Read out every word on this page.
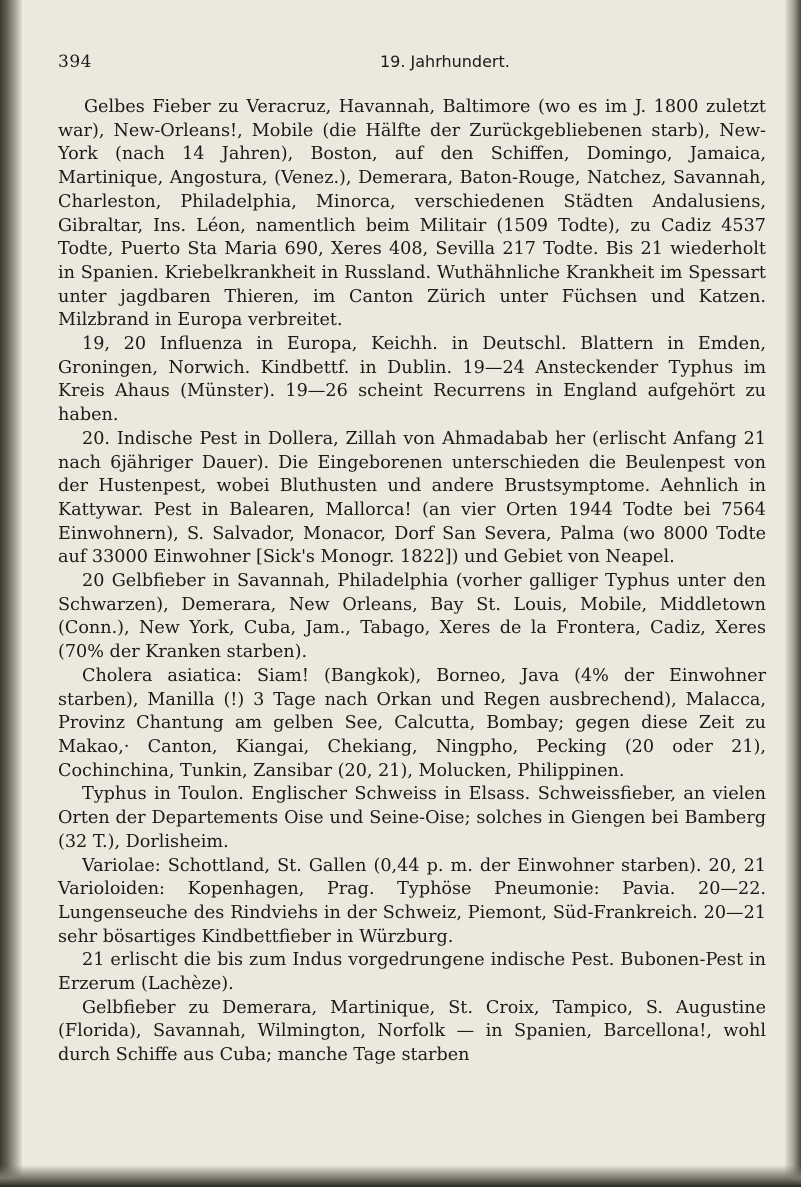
394	19. Jahrhundert.

Gelbes Fieber zu Veracruz, Havannah, Baltimore (wo es im J. 1800 zuletzt war), New-Orleans!, Mobile (die Hälfte der Zurückgebliebenen starb), New-York (nach 14 Jahren), Boston, auf den Schiffen, Domingo, Jamaica, Martinique, Angostura, (Venez.), Demerara, Baton-Rouge, Natchez, Savannah, Charleston, Philadelphia, Minorca, verschiedenen Städten Andalusiens, Gibraltar, Ins. Léon, namentlich beim Militair (1509 Todte), zu Cadiz 4537 Todte, Puerto Sta Maria 690, Xeres 408, Sevilla 217 Todte. Bis 21 wiederholt in Spanien. Kriebelkrankheit in Russland. Wuthähnliche Krankheit im Spessart unter jagdbaren Thieren, im Canton Zürich unter Füchsen und Katzen. Milzbrand in Europa verbreitet.

19, 20 Influenza in Europa, Keichh. in Deutschl. Blattern in Emden, Groningen, Norwich. Kindbettf. in Dublin. 19—24 Ansteckender Typhus im Kreis Ahaus (Münster). 19—26 scheint Recurrens in England aufgehört zu haben.

20. Indische Pest in Dollera, Zillah von Ahmadabab her (erlischt Anfang 21 nach 6jähriger Dauer). Die Eingeborenen unterschieden die Beulenpest von der Hustenpest, wobei Bluthusten und andere Brustsymptome. Aehnlich in Kattywar. Pest in Balearen, Mallorca! (an vier Orten 1944 Todte bei 7564 Einwohnern), S. Salvador, Monacor, Dorf San Severa, Palma (wo 8000 Todte auf 33000 Einwohner [Sick's Monogr. 1822]) und Gebiet von Neapel.

20 Gelbfieber in Savannah, Philadelphia (vorher galliger Typhus unter den Schwarzen), Demerara, New Orleans, Bay St. Louis, Mobile, Middletown (Conn.), New York, Cuba, Jam., Tabago, Xeres de la Frontera, Cadiz, Xeres (70% der Kranken starben).

Cholera asiatica: Siam! (Bangkok), Borneo, Java (4% der Einwohner starben), Manilla (!) 3 Tage nach Orkan und Regen ausbrechend), Malacca, Provinz Chantung am gelben See, Calcutta, Bombay; gegen diese Zeit zu Makao,· Canton, Kiangai, Chekiang, Ningpho, Pecking (20 oder 21), Cochinchina, Tunkin, Zansibar (20, 21), Molucken, Philippinen.

Typhus in Toulon. Englischer Schweiss in Elsass. Schweissfieber, an vielen Orten der Departements Oise und Seine-Oise; solches in Giengen bei Bamberg (32 T.), Dorlisheim.

Variolae: Schottland, St. Gallen (0,44 p. m. der Einwohner starben). 20, 21 Varioloiden: Kopenhagen, Prag. Typhöse Pneumonie: Pavia. 20—22. Lungenseuche des Rindviehs in der Schweiz, Piemont, Süd-Frankreich. 20—21 sehr bösartiges Kindbettfieber in Würzburg.

21 erlischt die bis zum Indus vorgedrungene indische Pest. Bubonen-Pest in Erzerum (Lachèze).

Gelbfieber zu Demerara, Martinique, St. Croix, Tampico, S. Augustine (Florida), Savannah, Wilmington, Norfolk — in Spanien, Barcellona!, wohl durch Schiffe aus Cuba; manche Tage starben
